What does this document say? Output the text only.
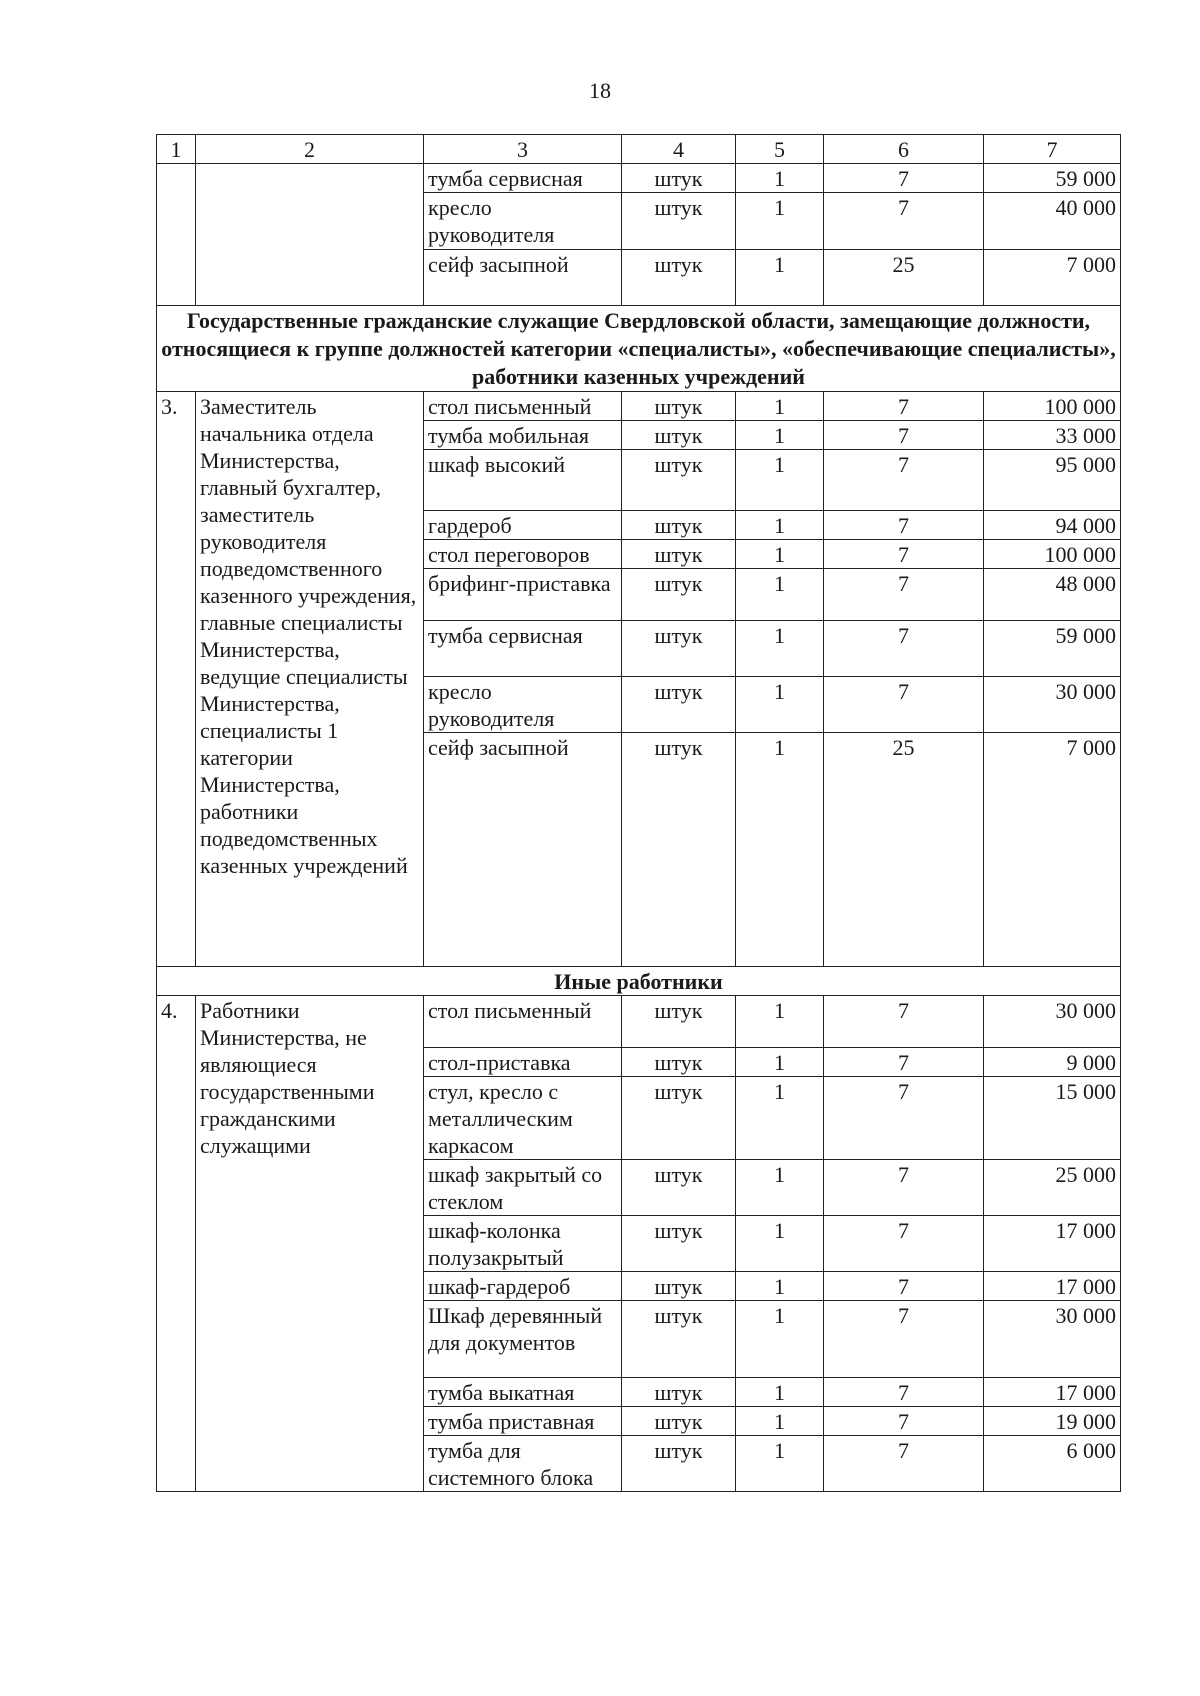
18
1	2	3	4	5	6	7
		тумба сервисная	штук	1	7	59 000
		кресло руководителя	штук	1	7	40 000
		сейф засыпной	штук	1	25	7 000
Государственные гражданские служащие Свердловской области, замещающие должности, относящиеся к группе должностей категории «специалисты», «обеспечивающие специалисты», работники казенных учреждений						
3.	Заместитель начальника отдела Министерства, главный бухгалтер, заместитель руководителя подведомственного казенного учреждения, главные специалисты Министерства, ведущие специалисты Министерства, специалисты 1 категории Министерства, работники подведомственных казенных учреждений	стол письменный	штук	1	7	100 000
		тумба мобильная	штук	1	7	33 000
		шкаф высокий	штук	1	7	95 000
		гардероб	штук	1	7	94 000
		стол переговоров	штук	1	7	100 000
		брифинг-приставка	штук	1	7	48 000
		тумба сервисная	штук	1	7	59 000
		кресло руководителя	штук	1	7	30 000
		сейф засыпной	штук	1	25	7 000
Иные работники						
4.	Работники Министерства, не являющиеся государственными гражданскими служащими	стол письменный	штук	1	7	30 000
		стол-приставка	штук	1	7	9 000
		стул, кресло с металлическим каркасом	штук	1	7	15 000
		шкаф закрытый со стеклом	штук	1	7	25 000
		шкаф-колонка полузакрытый	штук	1	7	17 000
		шкаф-гардероб	штук	1	7	17 000
		Шкаф деревянный для документов	штук	1	7	30 000
		тумба выкатная	штук	1	7	17 000
		тумба приставная	штук	1	7	19 000
		тумба для системного блока	штук	1	7	6 000
